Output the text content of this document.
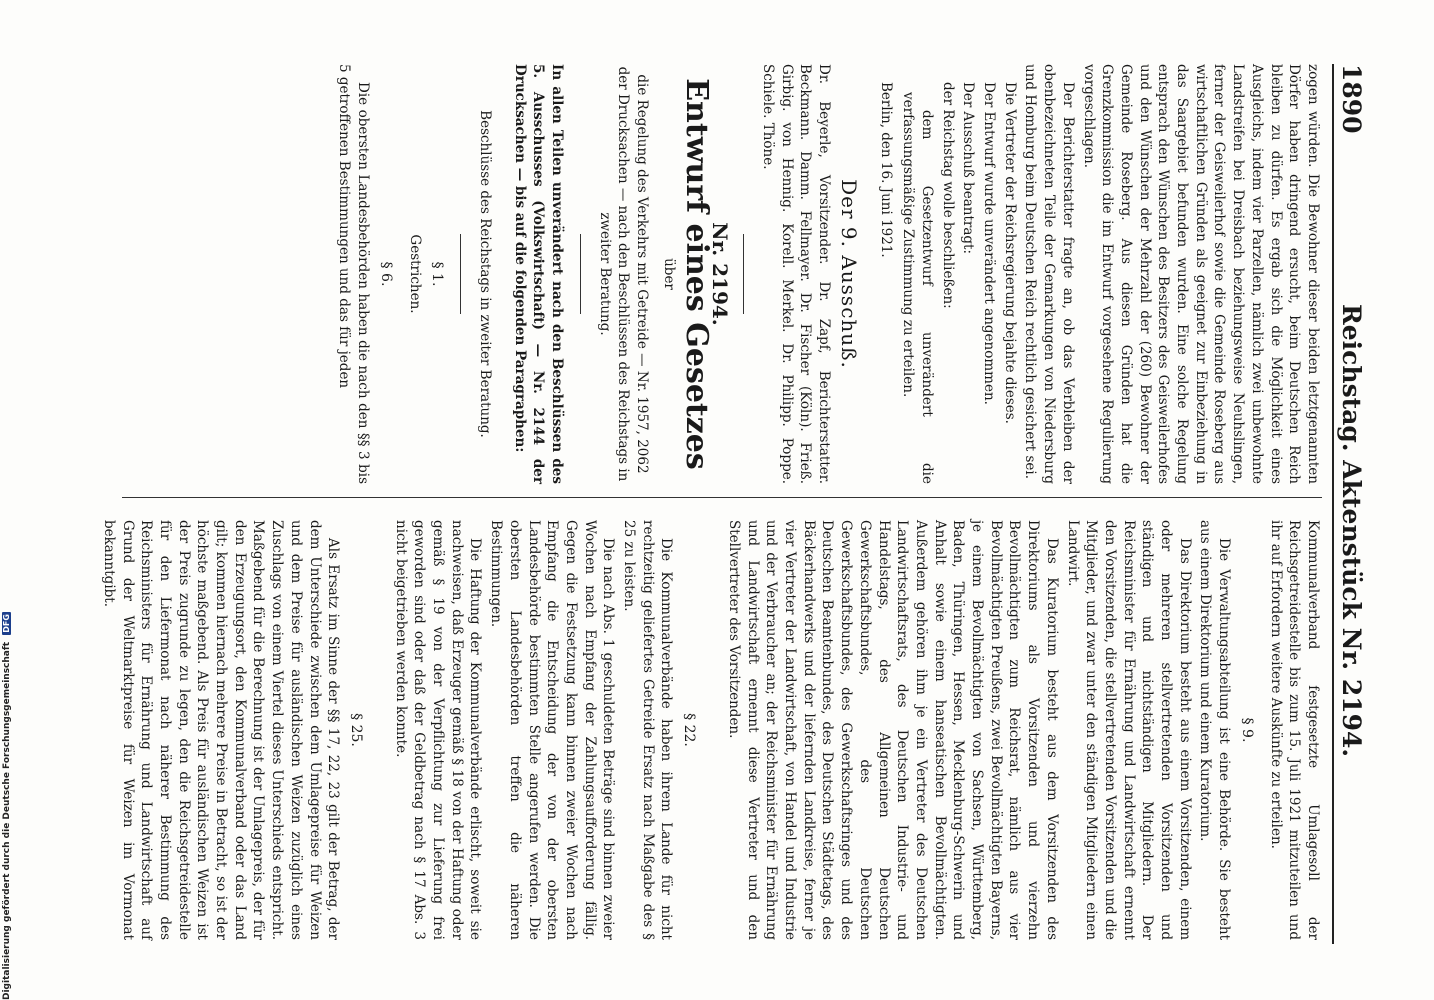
1890
Reichstag. Aktenstück Nr. 2194.

zogen würden. Die Bewohner dieser beiden letztgenannten Dörfer haben dringend ersucht, beim Deutschen Reich bleiben zu dürfen. Es ergab sich die Möglichkeit eines Ausgleichs, indem vier Parzellen, nämlich zwei unbewohnte Landstreifen bei Dreisbach beziehungsweise Neuhslingen, ferner der Geisweilerhof sowie die Gemeinde Roseberg aus wirtschaftlichen Gründen als geeignet zur Einbeziehung in das Saargebiet befunden wurden. Eine solche Regelung entsprach den Wünschen des Besitzers des Geisweilerhofes und den Wünschen der Mehrzahl der (260) Bewohner der Gemeinde Roseberg. Aus diesen Gründen hat die Grenzkommission die im Entwurf vorgesehene Regulierung vorgeschlagen.

Der Berichterstatter fragte an, ob das Verbleiben der obenbezeichneten Teile der Gemarkungen von Niedersburg und Homburg beim Deutschen Reich rechtlich gesichert sei.

Die Vertreter der Reichsregierung bejahte dieses.

Der Entwurf wurde unverändert angenommen.

Der Ausschuß beantragt:

der Reichstag wolle beschließen:

dem Gesetzentwurf unverändert die verfassungsmäßige Zustimmung zu erteilen.

Berlin, den 16. Juni 1921.

Der 9. Ausschuß.

Dr. Beyerle, Vorsitzender. Dr. Zapf, Berichterstatter. Beckmann. Damm. Fellmayer. Dr. Fischer (Köln). Frieß. Girbig. von Hennig. Korell. Merkel. Dr. Philipp. Poppe. Schiele. Thöne.

Nr. 2194.
Entwurf eines Gesetzes
über

die Regelung des Verkehrs mit Getreide — Nr. 1957, 2062 der Drucksachen — nach den Beschlüssen des Reichstags in zweiter Beratung.

In allen Teilen unverändert nach den Beschlüssen des 5. Ausschusses (Volkswirtschaft) — Nr. 2144 der Drucksachen — bis auf die folgenden Paragraphen:

Beschlüsse des Reichstags in zweiter Beratung.

§ 1.

Gestrichen.

§ 6.

Die obersten Landesbehörden haben die nach den §§ 3 bis 5 getroffenen Bestimmungen und das für jeden

Kommunalverband festgesetzte Umlagesoll der Reichsgetreidestelle bis zum 15. Juli 1921 mitzuteilen und ihr auf Erfordern weitere Auskünfte zu erteilen.

§ 9.

Die Verwaltungsabteilung ist eine Behörde. Sie besteht aus einem Direktorium und einem Kuratorium.

Das Direktorium besteht aus einem Vorsitzenden, einem oder mehreren stellvertretenden Vorsitzenden und ständigen und nichtständigen Mitgliedern. Der Reichsminister für Ernährung und Landwirtschaft ernennt den Vorsitzenden, die stellvertretenden Vorsitzenden und die Mitglieder, und zwar unter den ständigen Mitgliedern einen Landwirt.

Das Kuratorium besteht aus dem Vorsitzenden des Direktoriums als Vorsitzenden und vierzehn Bevollmächtigten zum Reichsrat, nämlich aus vier Bevollmächtigten Preußens, zwei Bevollmächtigten Bayerns, je einem Bevollmächtigten von Sachsen, Württemberg, Baden, Thüringen, Hessen, Mecklenburg-Schwerin und Anhalt sowie einem hanseatischen Bevollmächtigten. Außerdem gehören ihm je ein Vertreter des Deutschen Landwirtschaftsrats, des Deutschen Industrie- und Handelstags, des Allgemeinen Deutschen Gewerkschaftsbundes, des Deutschen Gewerkschaftsbundes, des Gewerkschaftsringes und des Deutschen Beamtenbundes, des Deutschen Städtetags, des Bäckerhandwerks und der liefernden Landkreise, ferner je vier Vertreter der Landwirtschaft, von Handel und Industrie und der Verbraucher an; der Reichsminister für Ernährung und Landwirtschaft ernennt diese Vertreter und den Stellvertreter des Vorsitzenden.

§ 22.

Die Kommunalverbände haben ihrem Lande für nicht rechtzeitig geliefertes Getreide Ersatz nach Maßgabe des § 25 zu leisten.

Die nach Abs. 1 geschuldeten Beträge sind binnen zweier Wochen nach Empfang der Zahlungsaufforderung fällig. Gegen die Festsetzung kann binnen zweier Wochen nach Empfang die Entscheidung der von der obersten Landesbehörde bestimmten Stelle angerufen werden. Die obersten Landesbehörden treffen die näheren Bestimmungen.

Die Haftung der Kommunalverbände erlischt, soweit sie nachweisen, daß Erzeuger gemäß § 18 von der Haftung oder gemäß § 19 von der Verpflichtung zur Lieferung frei geworden sind oder daß der Geldbetrag nach § 17 Abs. 3 nicht beigetrieben werden konnte.

§ 25.

Als Ersatz im Sinne der §§ 17, 22, 23 gilt der Betrag, der dem Unterschiede zwischen dem Umlagepreise für Weizen und dem Preise für ausländischen Weizen zuzüglich eines Zuschlags von einem Viertel dieses Unterschieds entspricht. Maßgebend für die Berechnung ist der Umlagepreis, der für den Erzeugungsort, den Kommunalverband oder das Land gilt; kommen hiernach mehrere Preise in Betracht, so ist der höchste maßgebend. Als Preis für ausländischen Weizen ist der Preis zugrunde zu legen, den die Reichsgetreidestelle für den Liefermonat nach näherer Bestimmung des Reichsministers für Ernährung und Landwirtschaft auf Grund der Weltmarktpreise für Weizen im Vormonat bekanntgibt.

Digitalisierung gefördert durch die Deutsche Forschungsgemeinschaft DFG
